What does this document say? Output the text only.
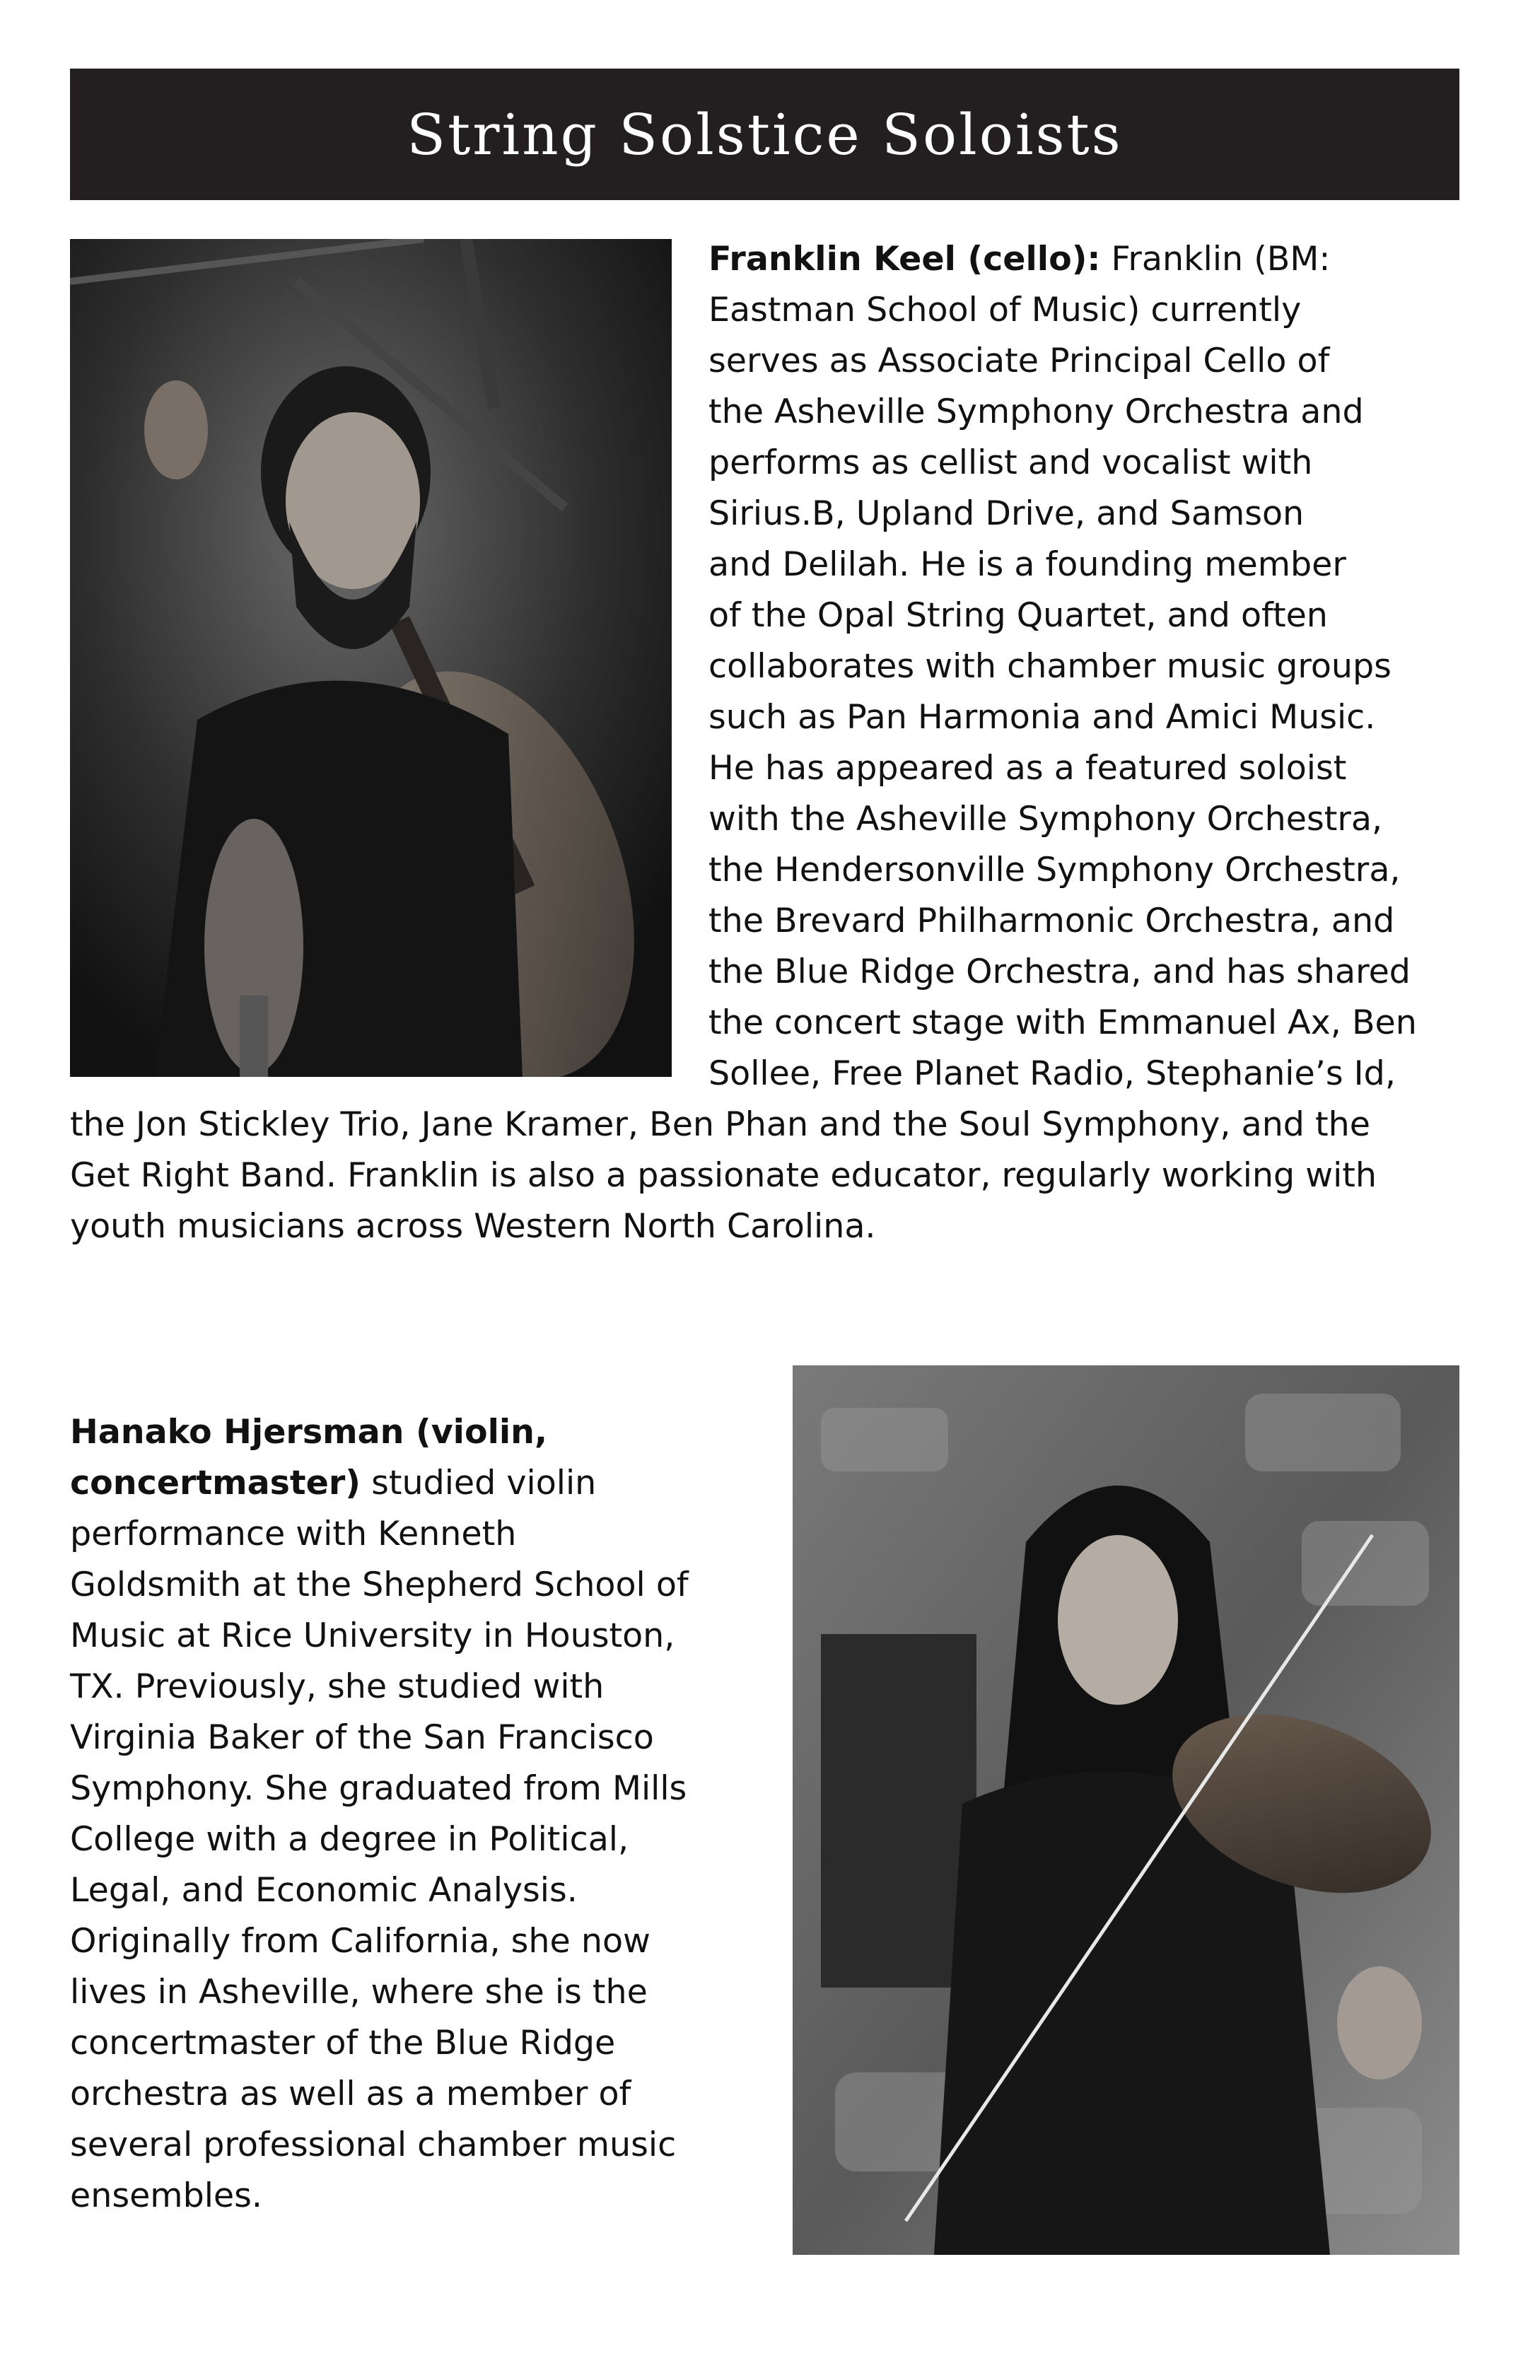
String Solstice Soloists
Franklin Keel (cello): Franklin (BM:
Eastman School of Music) currently
serves as Associate Principal Cello of
the Asheville Symphony Orchestra and
performs as cellist and vocalist with
Sirius.B, Upland Drive, and Samson
and Delilah. He is a founding member
of the Opal String Quartet, and often
collaborates with chamber music groups
such as Pan Harmonia and Amici Music.
He has appeared as a featured soloist
with the Asheville Symphony Orchestra,
the Hendersonville Symphony Orchestra,
the Brevard Philharmonic Orchestra, and
the Blue Ridge Orchestra, and has shared
the concert stage with Emmanuel Ax, Ben
Sollee, Free Planet Radio, Stephanie’s Id,
the Jon Stickley Trio, Jane Kramer, Ben Phan and the Soul Symphony, and the
Get Right Band. Franklin is also a passionate educator, regularly working with
youth musicians across Western North Carolina.
Hanako Hjersman (violin,
concertmaster) studied violin
performance with Kenneth
Goldsmith at the Shepherd School of
Music at Rice University in Houston,
TX. Previously, she studied with
Virginia Baker of the San Francisco
Symphony. She graduated from Mills
College with a degree in Political,
Legal, and Economic Analysis.
Originally from California, she now
lives in Asheville, where she is the
concertmaster of the Blue Ridge
orchestra as well as a member of
several professional chamber music
ensembles.
